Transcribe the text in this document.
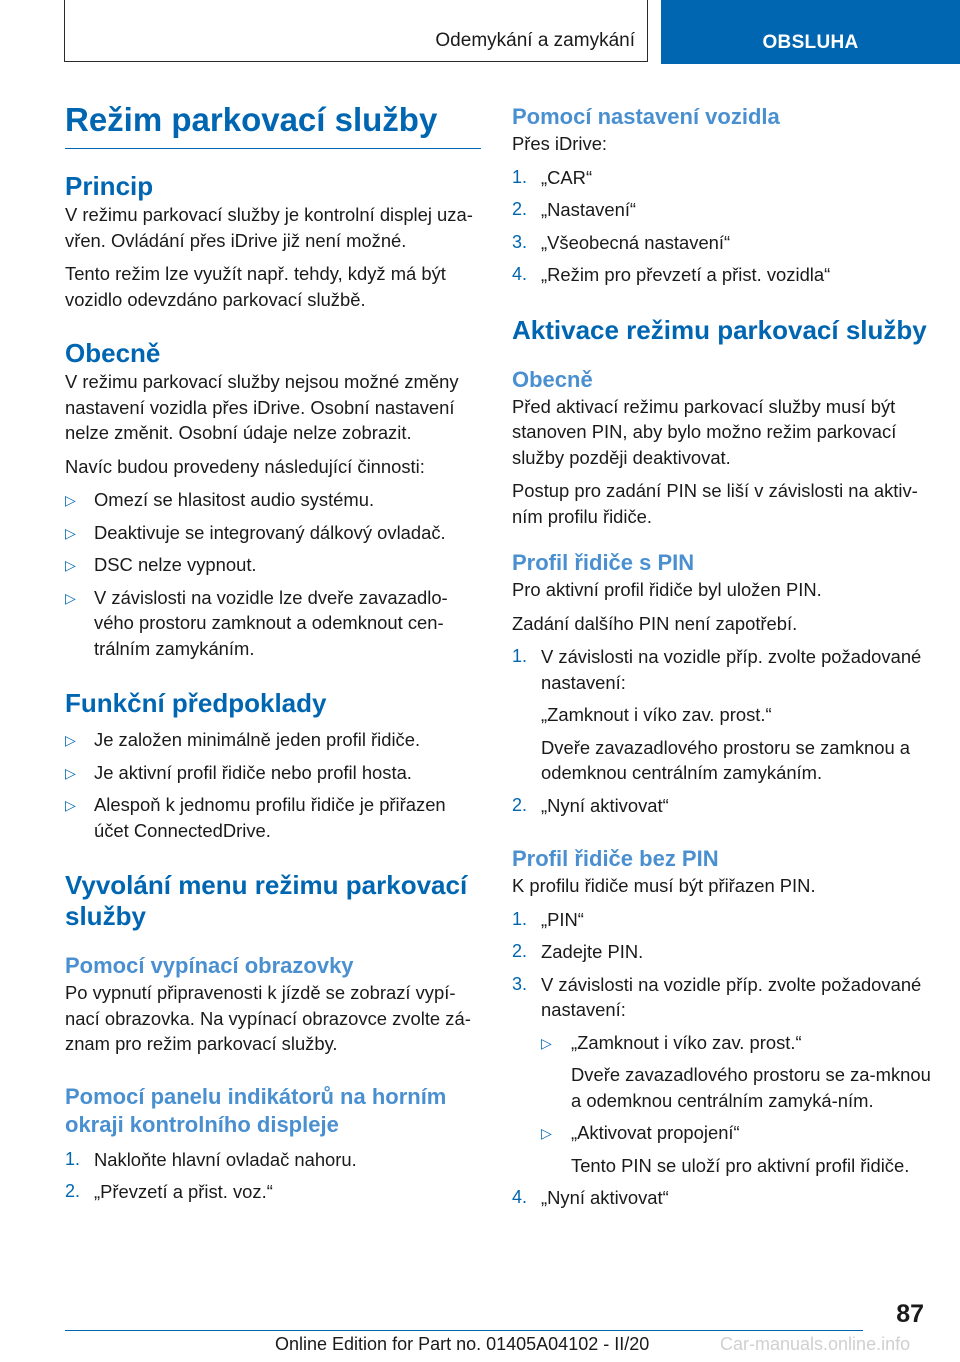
Odemykání a zamykání	OBSLUHA
Režim parkovací služby
Princip

V režimu parkovací služby je kontrolní displej uza‐vřen. Ovládání přes iDrive již není možné.

Tento režim lze využít např. tehdy, když má být vozidlo odevzdáno parkovací službě.

Obecně

V režimu parkovací služby nejsou možné změny nastavení vozidla přes iDrive. Osobní nastavení nelze změnit. Osobní údaje nelze zobrazit.

Navíc budou provedeny následující činnosti:

▷ Omezí se hlasitost audio systému.
▷ Deaktivuje se integrovaný dálkový ovladač.
▷ DSC nelze vypnout.
▷ V závislosti na vozidle lze dveře zavazadlo‐vého prostoru zamknout a odemknout cen‐trálním zamykáním.
Funkční předpoklady
▷ Je založen minimálně jeden profil řidiče.
▷ Je aktivní profil řidiče nebo profil hosta.
▷ Alespoň k jednomu profilu řidiče je přiřazen účet ConnectedDrive.
Vyvolání menu režimu parkovací služby
Pomocí vypínací obrazovky

Po vypnutí připravenosti k jízdě se zobrazí vypí‐nací obrazovka. Na vypínací obrazovce zvolte zá‐znam pro režim parkovací služby.

Pomocí panelu indikátorů na horním okraji kontrolního displeje
1. Nakloňte hlavní ovladač nahoru.
2. „Převzetí a přist. voz.“
Pomocí nastavení vozidla

Přes iDrive:

1. „CAR“
2. „Nastavení“
3. „Všeobecná nastavení“
4. „Režim pro převzetí a přist. vozidla“
Aktivace režimu parkovací služby
Obecně

Před aktivací režimu parkovací služby musí být stanoven PIN, aby bylo možno režim parkovací služby později deaktivovat.

Postup pro zadání PIN se liší v závislosti na aktiv‐ním profilu řidiče.

Profil řidiče s PIN

Pro aktivní profil řidiče byl uložen PIN.

Zadání dalšího PIN není zapotřebí.

1. V závislosti na vozidle příp. zvolte požadované nastavení:
„Zamknout i víko zav. prost.“
Dveře zavazadlového prostoru se zamknou a odemknou centrálním zamykáním.
2. „Nyní aktivovat“
Profil řidiče bez PIN

K profilu řidiče musí být přiřazen PIN.

1. „PIN“
2. Zadejte PIN.
3. V závislosti na vozidle příp. zvolte požadované nastavení:
▷ „Zamknout i víko zav. prost.“
Dveře zavazadlového prostoru se za‐mknou a odemknou centrálním zamyká‐ním.
▷ „Aktivovat propojení“
Tento PIN se uloží pro aktivní profil řidiče.
4. „Nyní aktivovat“
87
Online Edition for Part no. 01405A04102 - II/20	Car-manuals.online.info
